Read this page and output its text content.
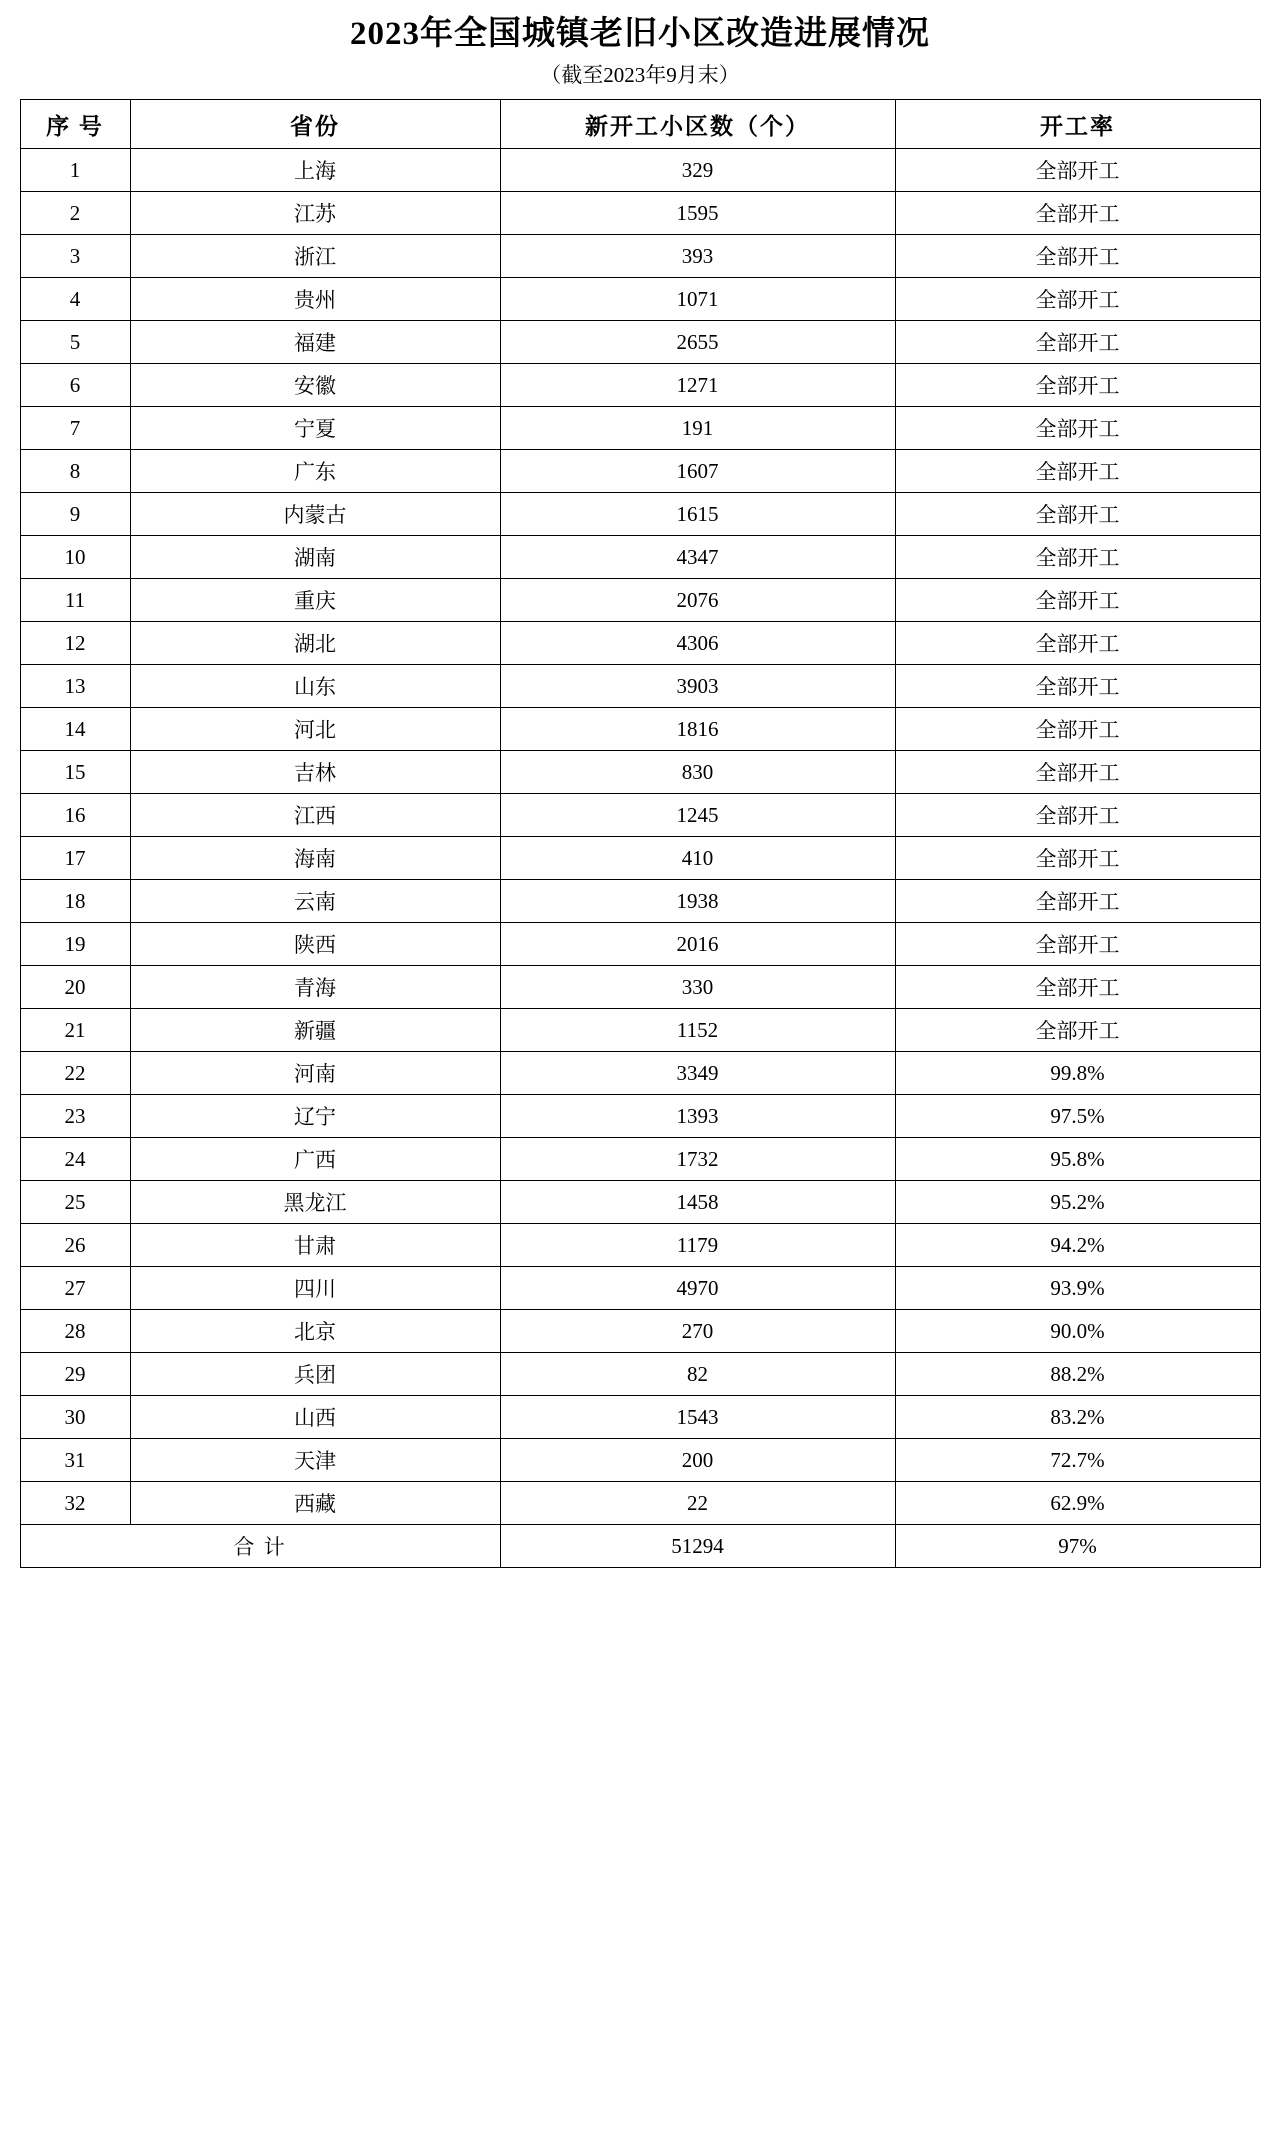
2023年全国城镇老旧小区改造进展情况
（截至2023年9月末）
序 号	省份	新开工小区数（个）	开工率
1	上海	329	全部开工
2	江苏	1595	全部开工
3	浙江	393	全部开工
4	贵州	1071	全部开工
5	福建	2655	全部开工
6	安徽	1271	全部开工
7	宁夏	191	全部开工
8	广东	1607	全部开工
9	内蒙古	1615	全部开工
10	湖南	4347	全部开工
11	重庆	2076	全部开工
12	湖北	4306	全部开工
13	山东	3903	全部开工
14	河北	1816	全部开工
15	吉林	830	全部开工
16	江西	1245	全部开工
17	海南	410	全部开工
18	云南	1938	全部开工
19	陕西	2016	全部开工
20	青海	330	全部开工
21	新疆	1152	全部开工
22	河南	3349	99.8%
23	辽宁	1393	97.5%
24	广西	1732	95.8%
25	黑龙江	1458	95.2%
26	甘肃	1179	94.2%
27	四川	4970	93.9%
28	北京	270	90.0%
29	兵团	82	88.2%
30	山西	1543	83.2%
31	天津	200	72.7%
32	西藏	22	62.9%
合 计		51294	97%
